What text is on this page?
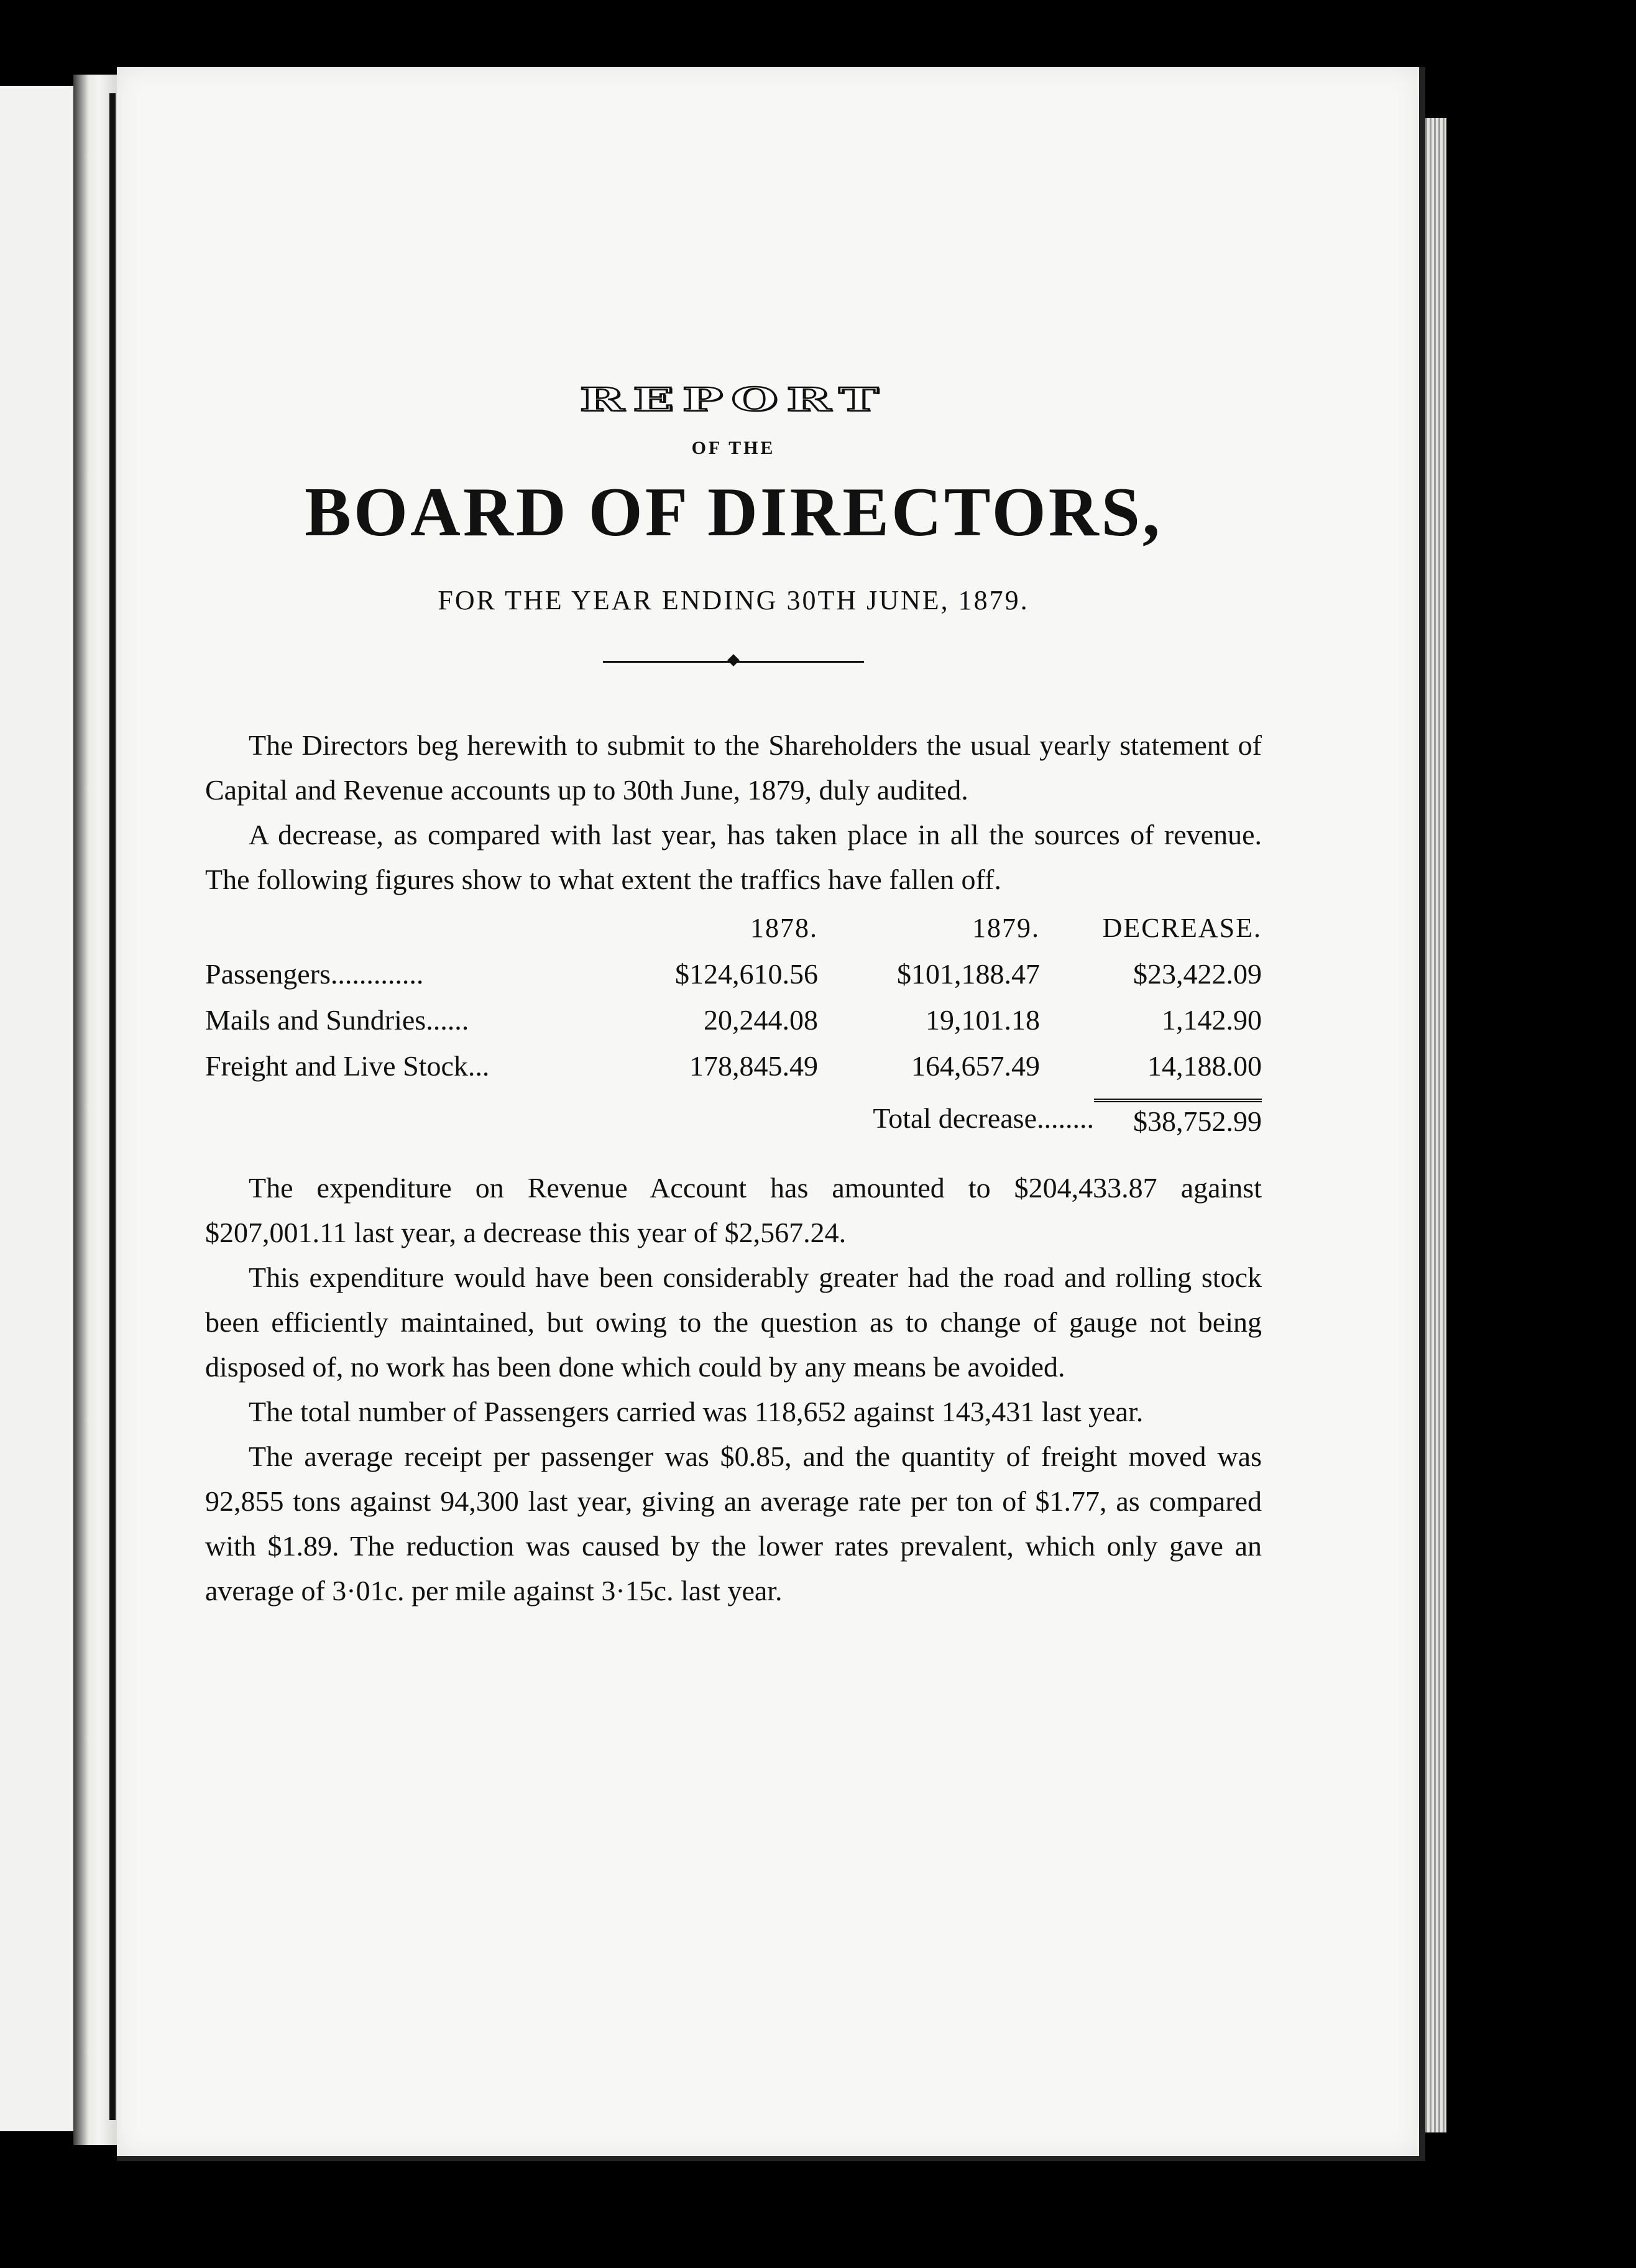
REPORT
OF THE
BOARD OF DIRECTORS,
FOR THE YEAR ENDING 30TH JUNE, 1879.

The Directors beg herewith to submit to the Shareholders the usual yearly statement of Capital and Revenue accounts up to 30th June, 1879, duly audited.

A decrease, as compared with last year, has taken place in all the sources of revenue. The following figures show to what extent the traffics have fallen off.

	1878.	1879.	DECREASE.
Passengers.............	$124,610.56	$101,188.47	$23,422.09
Mails and Sundries......	20,244.08	19,101.18	1,142.90
Freight and Live Stock...	178,845.49	164,657.49	14,188.00
Total decrease........	$38,752.99

The expenditure on Revenue Account has amounted to $204,433.87 against $207,001.11 last year, a decrease this year of $2,567.24.

This expenditure would have been considerably greater had the road and rolling stock been efficiently maintained, but owing to the question as to change of gauge not being disposed of, no work has been done which could by any means be avoided.

The total number of Passengers carried was 118,652 against 143,431 last year.

The average receipt per passenger was $0.85, and the quantity of freight moved was 92,855 tons against 94,300 last year, giving an average rate per ton of $1.77, as compared with $1.89. The reduction was caused by the lower rates prevalent, which only gave an average of 3·01c. per mile against 3·15c. last year.
